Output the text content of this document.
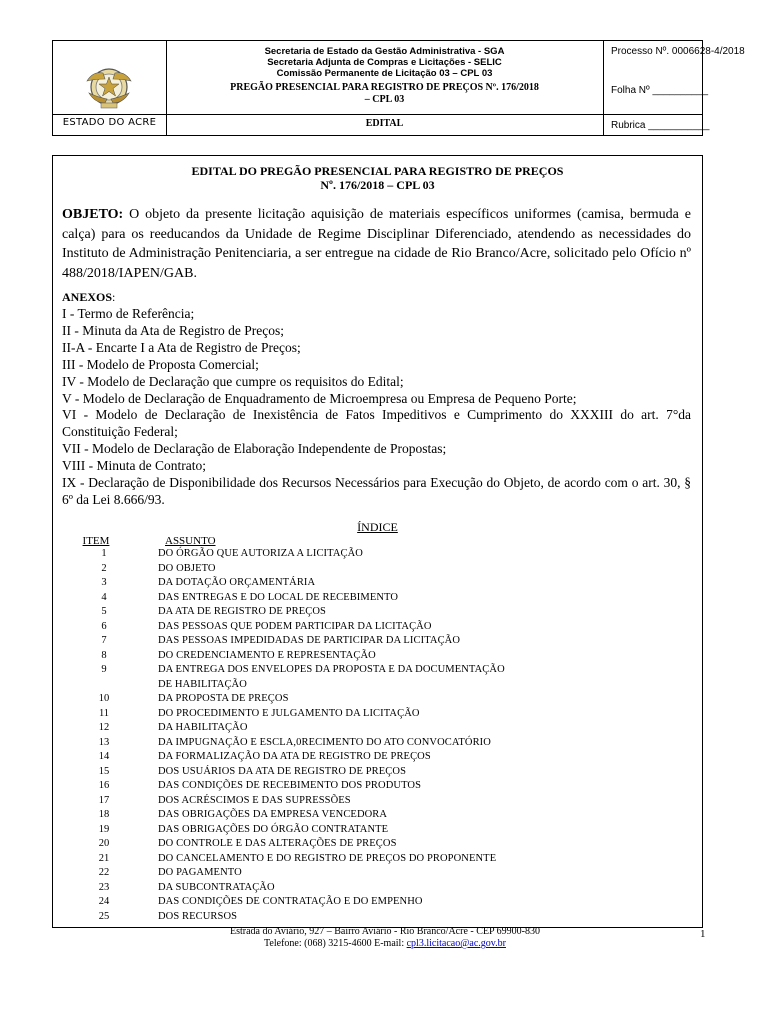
ESTADO DO ACRE
Secretaria de Estado da Gestão Administrativa - SGA
Secretaria Adjunta de Compras e Licitações - SELIC
Comissão Permanente de Licitação 03 – CPL 03
PREGÃO PRESENCIAL PARA REGISTRO DE PREÇOS Nº. 176/2018
– CPL 03
EDITAL
Processo Nº. 0006628-4/2018
Folha Nº __________
Rubrica ___________
EDITAL DO PREGÃO PRESENCIAL PARA REGISTRO DE PREÇOS
Nº. 176/2018 – CPL 03
OBJETO: O objeto da presente licitação aquisição de materiais específicos uniformes (camisa, bermuda e calça) para os reeducandos da Unidade de Regime Disciplinar Diferenciado, atendendo as necessidades do Instituto de Administração Penitenciaria, a ser entregue na cidade de Rio Branco/Acre, solicitado pelo Ofício nº 488/2018/IAPEN/GAB.
ANEXOS:
I - Termo de Referência;
II - Minuta da Ata de Registro de Preços;
II-A - Encarte I a Ata de Registro de Preços;
III - Modelo de Proposta Comercial;
IV - Modelo de Declaração que cumpre os requisitos do Edital;
V - Modelo de Declaração de Enquadramento de Microempresa ou Empresa de Pequeno Porte;
VI - Modelo de Declaração de Inexistência de Fatos Impeditivos e Cumprimento do XXXIII do art. 7°da Constituição Federal;
VII - Modelo de Declaração de Elaboração Independente de Propostas;
VIII - Minuta de Contrato;
IX - Declaração de Disponibilidade dos Recursos Necessários para Execução do Objeto, de acordo com o art. 30, § 6º da Lei 8.666/93.
ÍNDICE
ITEM	ASSUNTO
1	DO ÓRGÃO QUE AUTORIZA A LICITAÇÃO
2	DO OBJETO
3	DA DOTAÇÃO ORÇAMENTÁRIA
4	DAS ENTREGAS E DO LOCAL DE RECEBIMENTO
5	DA ATA DE REGISTRO DE PREÇOS
6	DAS PESSOAS QUE PODEM PARTICIPAR DA LICITAÇÃO
7	DAS PESSOAS IMPEDIDADAS DE PARTICIPAR DA LICITAÇÃO
8	DO CREDENCIAMENTO E REPRESENTAÇÃO
9	DA ENTREGA DOS ENVELOPES DA PROPOSTA E DA DOCUMENTAÇÃO
DE HABILITAÇÃO
10	DA PROPOSTA DE PREÇOS
11	DO PROCEDIMENTO E JULGAMENTO DA LICITAÇÃO
12	DA HABILITAÇÃO
13	DA IMPUGNAÇÃO E ESCLA,0RECIMENTO DO ATO CONVOCATÓRIO
14	DA FORMALIZAÇÃO DA ATA DE REGISTRO DE PREÇOS
15	DOS USUÁRIOS DA ATA DE REGISTRO DE PREÇOS
16	DAS CONDIÇÕES DE RECEBIMENTO DOS PRODUTOS
17	DOS ACRÉSCIMOS E DAS SUPRESSÕES
18	DAS OBRIGAÇÕES DA EMPRESA VENCEDORA
19	DAS OBRIGAÇÕES DO ÓRGÃO CONTRATANTE
20	DO CONTROLE E DAS ALTERAÇÕES DE PREÇOS
21	DO CANCELAMENTO E DO REGISTRO DE PREÇOS DO PROPONENTE
22	DO PAGAMENTO
23	DA SUBCONTRATAÇÃO
24	DAS CONDIÇÕES DE CONTRATAÇÃO E DO EMPENHO
25	DOS RECURSOS
Estrada do Aviário, 927 – Bairro Aviário - Rio Branco/Acre - CEP 69900-830
Telefone: (068) 3215-4600 E-mail: cpl3.licitacao@ac.gov.br
1
